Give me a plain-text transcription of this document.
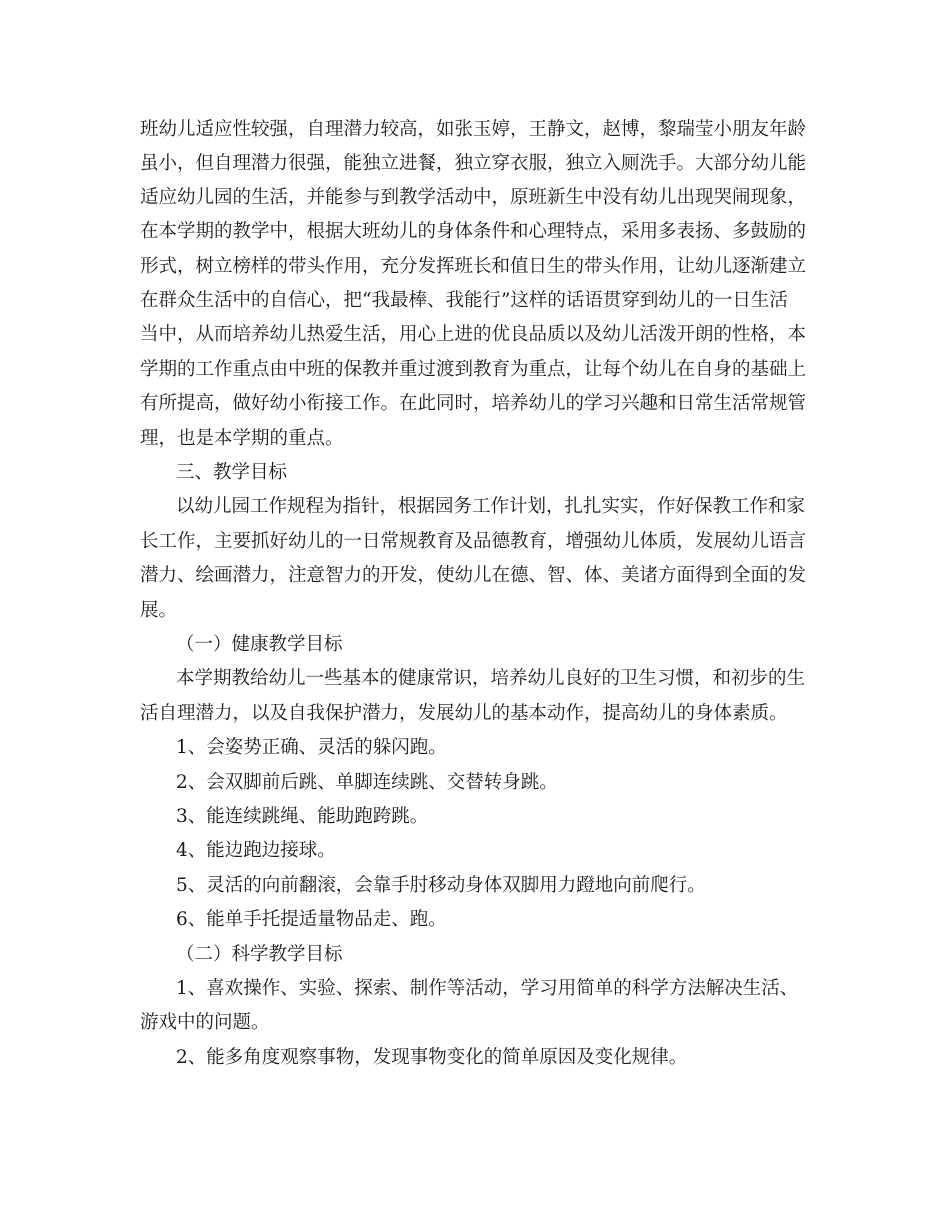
班幼儿适应性较强，自理潜力较高，如张玉婷，王静文，赵博，黎瑞莹小朋友年龄
虽小，但自理潜力很强，能独立进餐，独立穿衣服，独立入厕洗手。大部分幼儿能
适应幼儿园的生活，并能参与到教学活动中，原班新生中没有幼儿出现哭闹现象，
在本学期的教学中，根据大班幼儿的身体条件和心理特点，采用多表扬、多鼓励的
形式，树立榜样的带头作用，充分发挥班长和值日生的带头作用，让幼儿逐渐建立
在群众生活中的自信心，把“我最棒、我能行”这样的话语贯穿到幼儿的一日生活
当中，从而培养幼儿热爱生活，用心上进的优良品质以及幼儿活泼开朗的性格，本
学期的工作重点由中班的保教并重过渡到教育为重点，让每个幼儿在自身的基础上
有所提高，做好幼小衔接工作。在此同时，培养幼儿的学习兴趣和日常生活常规管
理，也是本学期的重点。
三、教学目标
以幼儿园工作规程为指针，根据园务工作计划，扎扎实实，作好保教工作和家
长工作，主要抓好幼儿的一日常规教育及品德教育，增强幼儿体质，发展幼儿语言
潜力、绘画潜力，注意智力的开发，使幼儿在德、智、体、美诸方面得到全面的发
展。
（一）健康教学目标
本学期教给幼儿一些基本的健康常识，培养幼儿良好的卫生习惯，和初步的生
活自理潜力，以及自我保护潜力，发展幼儿的基本动作，提高幼儿的身体素质。
1、会姿势正确、灵活的躲闪跑。
2、会双脚前后跳、单脚连续跳、交替转身跳。
3、能连续跳绳、能助跑跨跳。
4、能边跑边接球。
5、灵活的向前翻滚，会靠手肘移动身体双脚用力蹬地向前爬行。
6、能单手托提适量物品走、跑。
（二）科学教学目标
1、喜欢操作、实验、探索、制作等活动，学习用简单的科学方法解决生活、
游戏中的问题。
2、能多角度观察事物，发现事物变化的简单原因及变化规律。
